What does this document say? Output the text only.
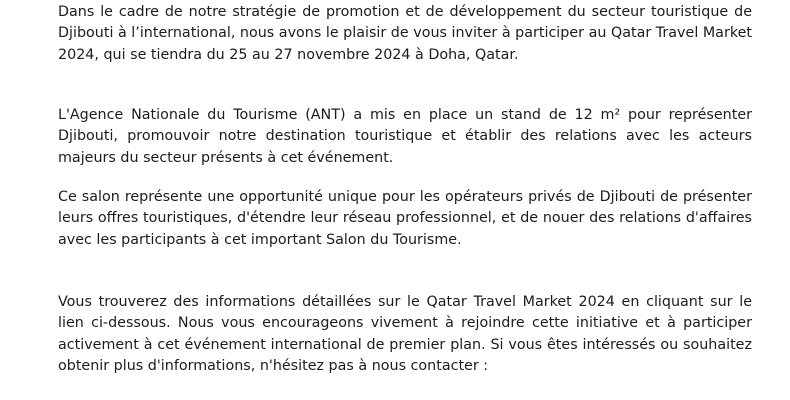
Dans le cadre de notre stratégie de promotion et de développement du secteur touristique de Djibouti à l’international, nous avons le plaisir de vous inviter à participer au Qatar Travel Market 2024, qui se tiendra du 25 au 27 novembre 2024 à Doha, Qatar.

L'Agence Nationale du Tourisme (ANT) a mis en place un stand de 12 m² pour représenter Djibouti, promouvoir notre destination touristique et établir des relations avec les acteurs majeurs du secteur présents à cet événement.

Ce salon représente une opportunité unique pour les opérateurs privés de Djibouti de présenter leurs offres touristiques, d'étendre leur réseau professionnel, et de nouer des relations d'affaires avec les participants à cet important Salon du Tourisme.

Vous trouverez des informations détaillées sur le Qatar Travel Market 2024 en cliquant sur le lien ci-dessous. Nous vous encourageons vivement à rejoindre cette initiative et à participer activement à cet événement international de premier plan. Si vous êtes intéressés ou souhaitez obtenir plus d'informations, n'hésitez pas à nous contacter :
